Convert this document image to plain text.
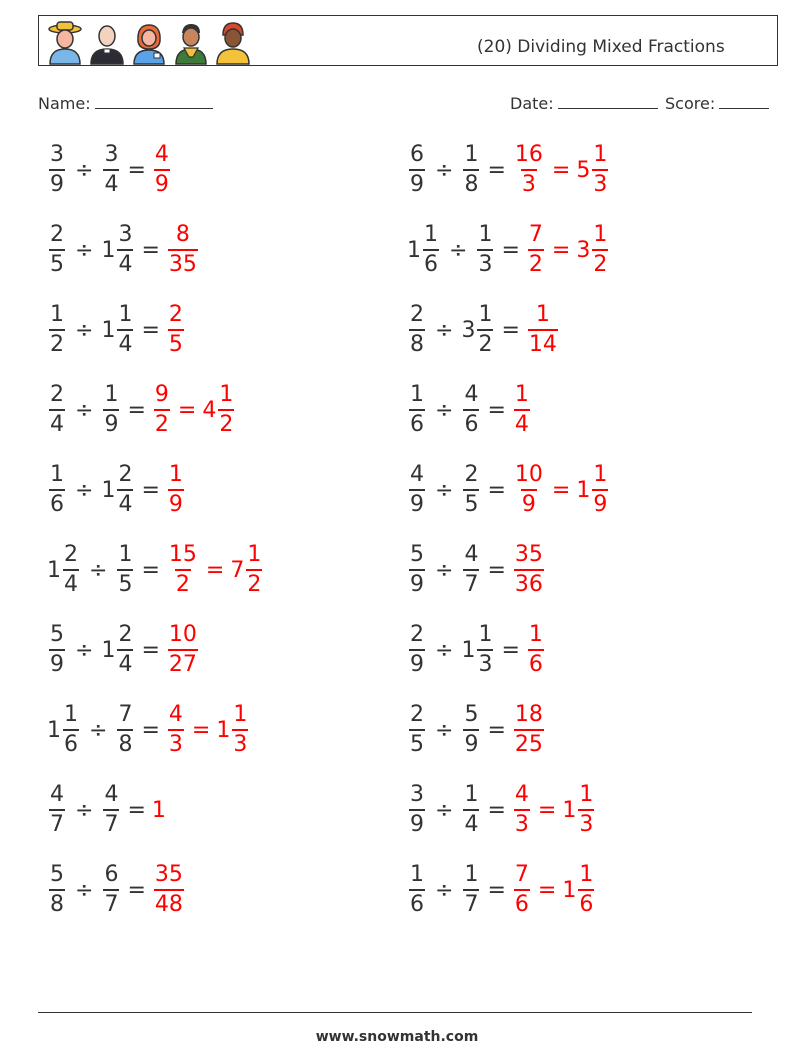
(20) Dividing Mixed Fractions
Name:	Date:	Score:
$\frac{3}{9} \div \frac{3}{4} = \frac{4}{9}$	$\frac{6}{9} \div \frac{1}{8} = \frac{16}{3} = 5 \frac{1}{3}$
$\frac{2}{5} \div 1 \frac{3}{4} = \frac{8}{35}$	$1 \frac{1}{6} \div \frac{1}{3} = \frac{7}{2} = 3 \frac{1}{2}$
$\frac{1}{2} \div 1 \frac{1}{4} = \frac{2}{5}$	$\frac{2}{8} \div 3 \frac{1}{2} = \frac{1}{14}$
$\frac{2}{4} \div \frac{1}{9} = \frac{9}{2} = 4 \frac{1}{2}$	$\frac{1}{6} \div \frac{4}{6} = \frac{1}{4}$
$\frac{1}{6} \div 1 \frac{2}{4} = \frac{1}{9}$	$\frac{4}{9} \div \frac{2}{5} = \frac{10}{9} = 1 \frac{1}{9}$
$1 \frac{2}{4} \div \frac{1}{5} = \frac{15}{2} = 7 \frac{1}{2}$	$\frac{5}{9} \div \frac{4}{7} = \frac{35}{36}$
$\frac{5}{9} \div 1 \frac{2}{4} = \frac{10}{27}$	$\frac{2}{9} \div 1 \frac{1}{3} = \frac{1}{6}$
$1 \frac{1}{6} \div \frac{7}{8} = \frac{4}{3} = 1 \frac{1}{3}$	$\frac{2}{5} \div \frac{5}{9} = \frac{18}{25}$
$\frac{4}{7} \div \frac{4}{7} = 1$	$\frac{3}{9} \div \frac{1}{4} = \frac{4}{3} = 1 \frac{1}{3}$
$\frac{5}{8} \div \frac{6}{7} = \frac{35}{48}$	$\frac{1}{6} \div \frac{1}{7} = \frac{7}{6} = 1 \frac{1}{6}$
www.snowmath.com
